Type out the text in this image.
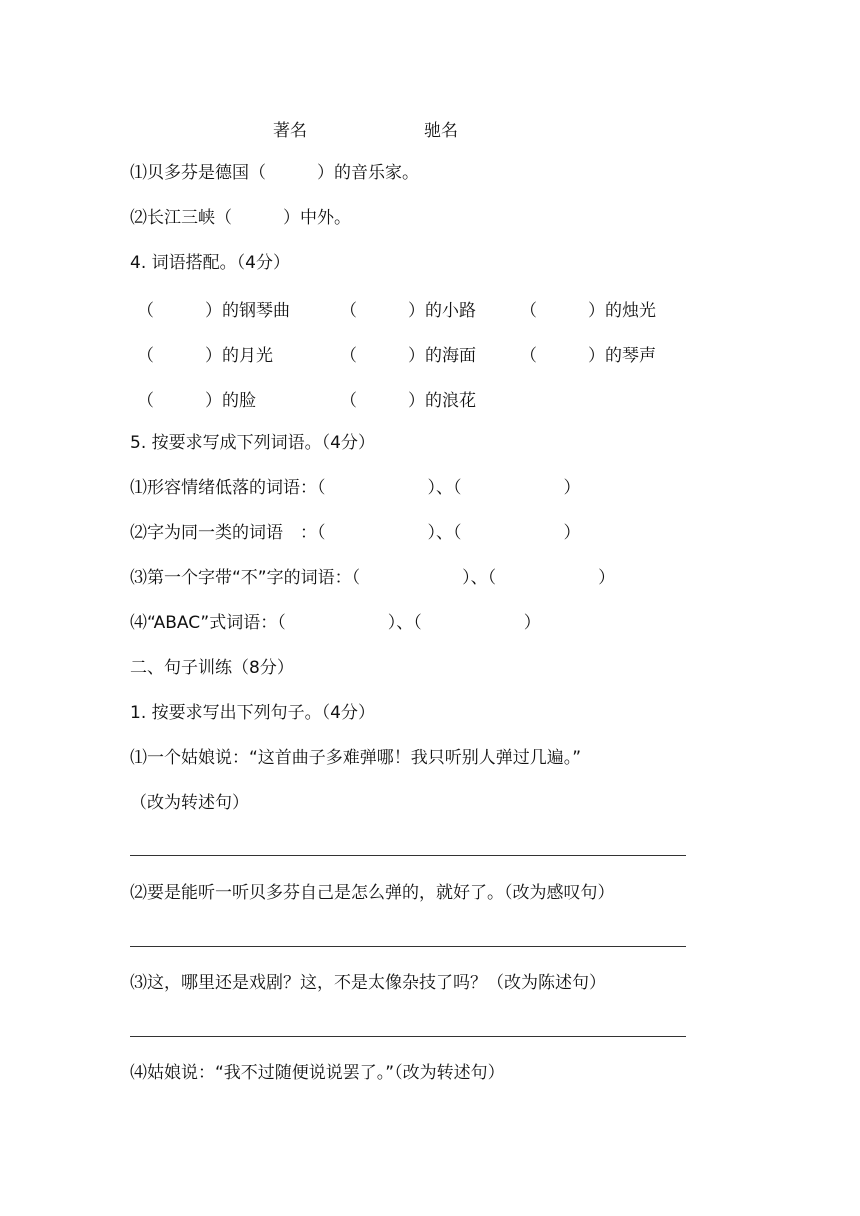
著名	驰名
⑴贝多芬是德国（　　　）的音乐家。
⑵长江三峡（　　　）中外。
4. 词语搭配。（4分）
（　　　）的钢琴曲	（　　　）的小路	（　　　）的烛光
（　　　）的月光	（　　　）的海面	（　　　）的琴声
（　　　）的脸	（　　　）的浪花
5. 按要求写成下列词语。（4分）
⑴形容情绪低落的词语：（　　　　　　）、（　　　　　　）
⑵字为同一类的词语　：（　　　　　　）、（　　　　　　）
⑶第一个字带“不”字的词语：（　　　　　　）、（　　　　　　）
⑷“ABAC”式词语：（　　　　　　）、（　　　　　　）
二、句子训练（8分）
1. 按要求写出下列句子。（4分）
⑴一个姑娘说：“这首曲子多难弹哪！我只听别人弹过几遍。”
（改为转述句）
⑵要是能听一听贝多芬自己是怎么弹的，就好了。（改为感叹句）
⑶这，哪里还是戏剧？这，不是太像杂技了吗？（改为陈述句）
⑷姑娘说：“我不过随便说说罢了。”（改为转述句）
